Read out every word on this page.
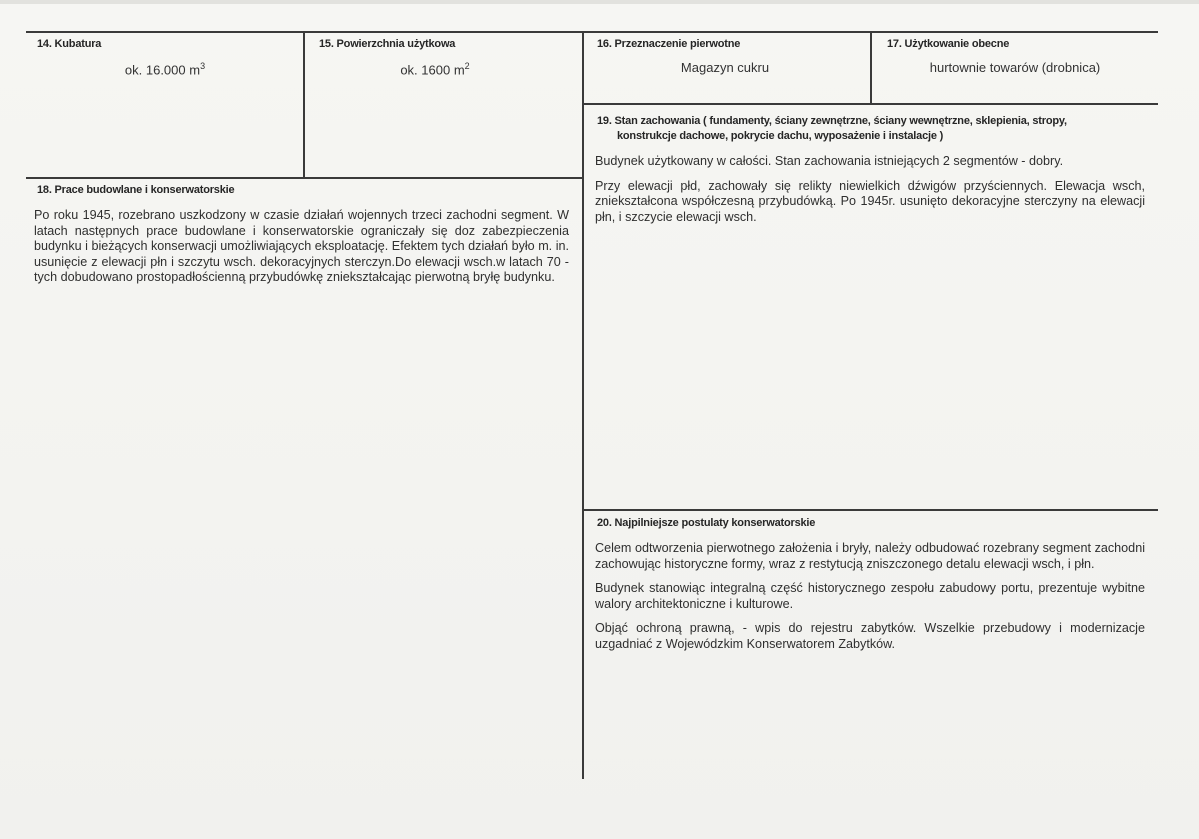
14. Kubatura
ok. 16.000 $m^3$
15. Powierzchnia użytkowa
ok. 1600 $m^2$
16. Przeznaczenie pierwotne
Magazyn cukru
17. Użytkowanie obecne
hurtownie towarów (drobnica)
18. Prace budowlane i konserwatorskie
Po roku 1945, rozebrano uszkodzony w czasie działań wojennych trzeci zachodni segment. W latach następnych prace budowlane i konserwatorskie ograniczały się doz zabezpieczenia budynku i bieżących konserwacji umożliwiających eksploatację. Efektem tych działań było m. in. usunięcie z elewacji płn i szczytu wsch. dekoracyjnych sterczyn.Do elewacji wsch.w latach 70 - tych dobudowano prostopadłościenną przybudówkę zniekształcając pierwotną bryłę budynku.
19. Stan zachowania ( fundamenty, ściany zewnętrzne, ściany wewnętrzne, sklepienia, stropy,
konstrukcje dachowe, pokrycie dachu, wyposażenie i instalacje )

Budynek użytkowany w całości. Stan zachowania istniejących 2 segmentów - dobry.

Przy elewacji płd, zachowały się relikty niewielkich dźwigów przyściennych. Elewacja wsch, zniekształcona współczesną przybudówką. Po 1945r. usunięto dekoracyjne sterczyny na elewacji płn, i szczycie elewacji wsch.

20. Najpilniejsze postulaty konserwatorskie

Celem odtworzenia pierwotnego założenia i bryły, należy odbudować rozebrany segment zachodni zachowując historyczne formy, wraz z restytucją zniszczonego detalu elewacji wsch, i płn.

Budynek stanowiąc integralną część historycznego zespołu zabudowy portu, prezentuje wybitne walory architektoniczne i kulturowe.

Objąć ochroną prawną, - wpis do rejestru zabytków. Wszelkie przebudowy i modernizacje uzgadniać z Wojewódzkim Konserwatorem Zabytków.
